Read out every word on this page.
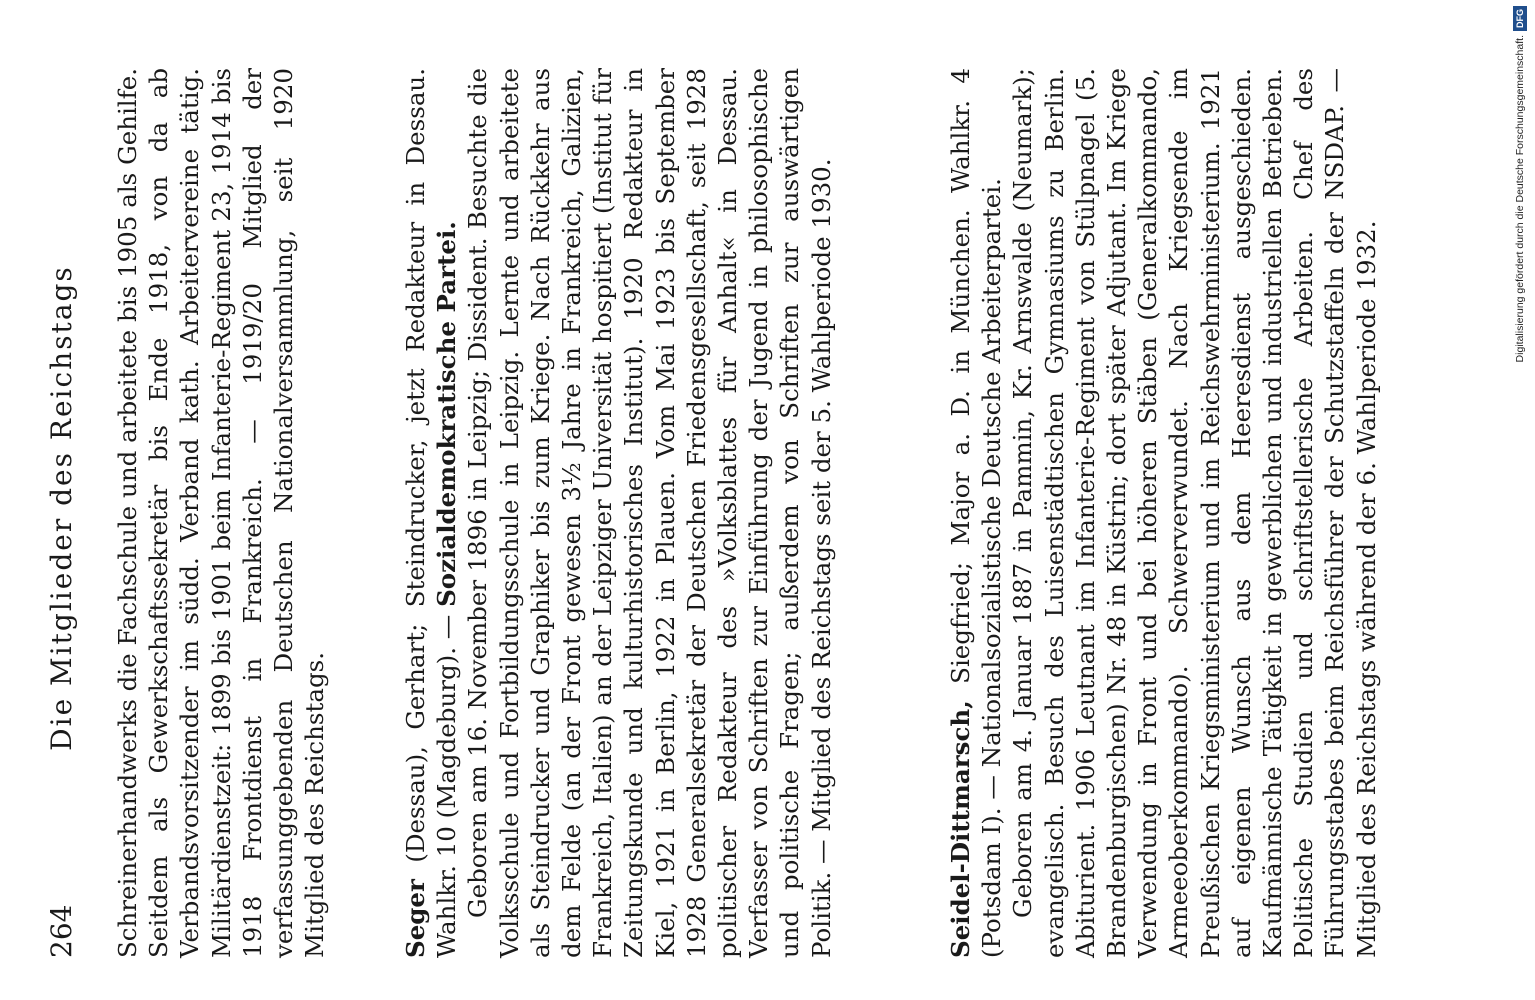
264
Die Mitglieder des Reichstags Schreinerhandwerks die Fachschule und arbeitete bis 1905 als Gehilfe. Seitdem als Gewerkschaftssekretär bis Ende 1918, von da ab Verbandsvorsitzender im südd. Verband kath. Arbeitervereine tätig. Militärdienstzeit: 1899 bis 1901 beim Infanterie-Regiment 23, 1914 bis 1918 Frontdienst in Frankreich. — 1919/20 Mitglied der verfassunggebenden Deutschen Nationalversammlung, seit 1920 Mitglied des Reichstags.	Seger (Dessau), Gerhart; Steindrucker, jetzt Redakteur in Dessau. Wahlkr. 10 (Magdeburg). — Sozialdemokratische Partei. Geboren am 16. November 1896 in Leipzig; Dissident. Besuchte die Volksschule und Fortbildungsschule in Leipzig. Lernte und arbeitete als Steindrucker und Graphiker bis zum Kriege. Nach Rückkehr aus dem Felde (an der Front gewesen 3½ Jahre in Frankreich, Galizien, Frankreich, Italien) an der Leipziger Universität hospitiert (Institut für Zeitungskunde und kulturhistorisches Institut). 1920 Redakteur in Kiel, 1921 in Berlin, 1922 in Plauen. Vom Mai 1923 bis September 1928 Generalsekretär der Deutschen Friedensgesellschaft, seit 1928 politischer Redakteur des »Volksblattes für Anhalt« in Dessau. Verfasser von Schriften zur Einführung der Jugend in philosophische und politische Fragen; außerdem von Schriften zur auswärtigen Politik. — Mitglied des Reichstags seit der 5. Wahlperiode 1930.	Seidel-Dittmarsch, Siegfried; Major a. D. in München. Wahlkr. 4 (Potsdam I). — Nationalsozialistische Deutsche Arbeiterpartei. Geboren am 4. Januar 1887 in Pammin, Kr. Arnswalde (Neumark); evangelisch. Besuch des Luisenstädtischen Gymnasiums zu Berlin. Abiturient. 1906 Leutnant im Infanterie-Regiment von Stülpnagel (5. Brandenburgischen) Nr. 48 in Küstrin; dort später Adjutant. Im Kriege Verwendung in Front und bei höheren Stäben (Generalkommando, Armeeoberkommando). Schwerverwundet. Nach Kriegsende im Preußischen Kriegsministerium und im Reichswehrministerium. 1921 auf eigenen Wunsch aus dem Heeresdienst ausgeschieden. Kaufmännische Tätigkeit in gewerblichen und industriellen Betrieben. Politische Studien und schriftstellerische Arbeiten. Chef des Führungsstabes beim Reichsführer der Schutzstaffeln der NSDAP. — Mitglied des Reichstags während der 6. Wahlperiode 1932.

Digitalisierung gefördert durch die Deutsche Forschungsgemeinschaft.DFG
